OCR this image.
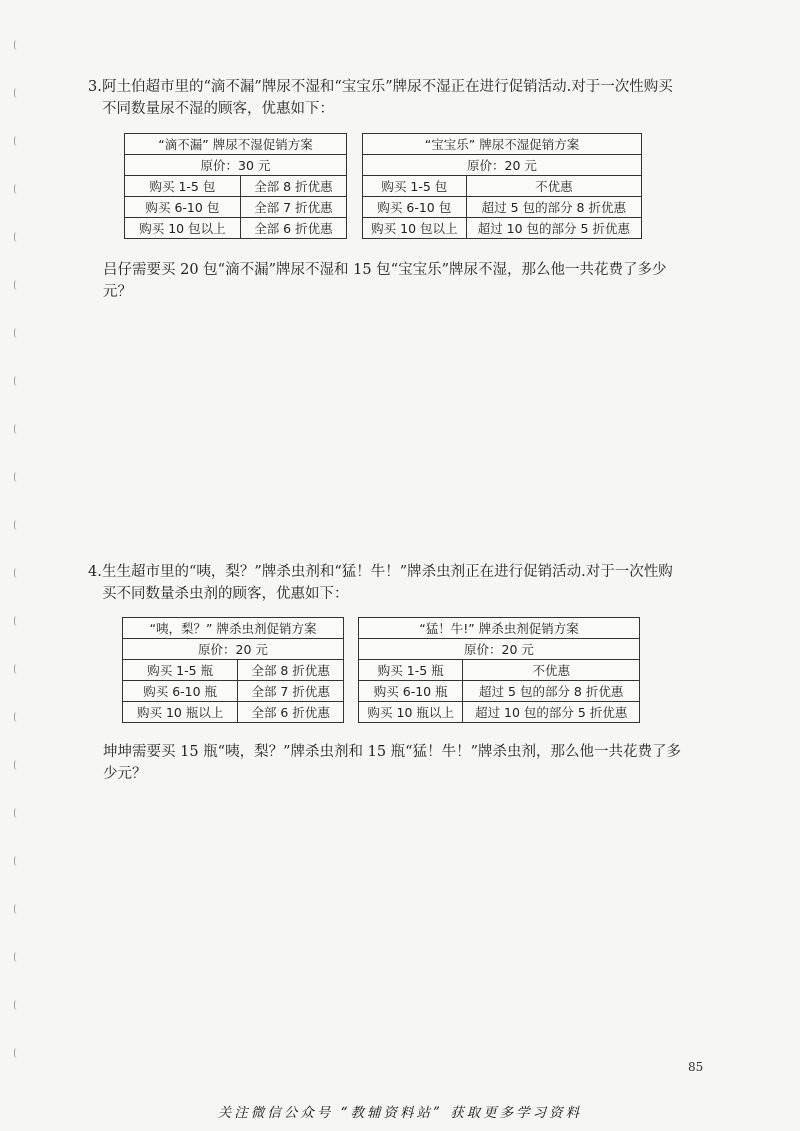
3.阿土伯超市里的“滴不漏”牌尿不湿和“宝宝乐”牌尿不湿正在进行促销活动.对于一次性购买

不同数量尿不湿的顾客，优惠如下：

“滴不漏” 牌尿不湿促销方案	
原价：30 元	
购买 1-5 包	全部 8 折优惠
购买 6-10 包	全部 7 折优惠
购买 10 包以上	全部 6 折优惠
“宝宝乐” 牌尿不湿促销方案	
原价：20 元	
购买 1-5 包	不优惠
购买 6-10 包	超过 5 包的部分 8 折优惠
购买 10 包以上	超过 10 包的部分 5 折优惠

吕仔需要买 20 包“滴不漏”牌尿不湿和 15 包“宝宝乐”牌尿不湿，那么他一共花费了多少

元？

4.生生超市里的“咦，梨？”牌杀虫剂和“猛！牛！”牌杀虫剂正在进行促销活动.对于一次性购

买不同数量杀虫剂的顾客，优惠如下：

“咦，梨？” 牌杀虫剂促销方案	
原价：20 元	
购买 1-5 瓶	全部 8 折优惠
购买 6-10 瓶	全部 7 折优惠
购买 10 瓶以上	全部 6 折优惠
“猛！牛!” 牌杀虫剂促销方案	
原价：20 元	
购买 1-5 瓶	不优惠
购买 6-10 瓶	超过 5 包的部分 8 折优惠
购买 10 瓶以上	超过 10 包的部分 5 折优惠

坤坤需要买 15 瓶“咦，梨？”牌杀虫剂和 15 瓶“猛！牛！”牌杀虫剂，那么他一共花费了多

少元？

85
关注微信公众号 “教辅资料站” 获取更多学习资料
